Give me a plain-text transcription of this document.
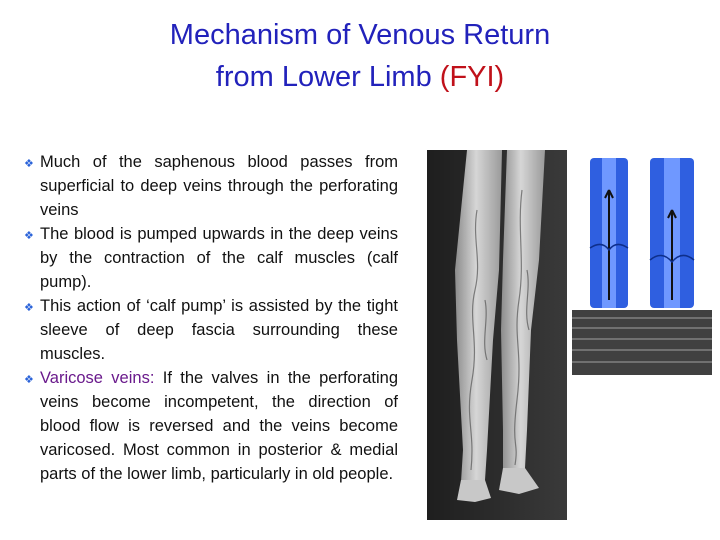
Mechanism of Venous Return
from Lower Limb (FYI)
❖ Much of the saphenous blood passes from superficial to deep veins through the perforating veins
❖ The blood is pumped upwards in the deep veins by the contraction of the calf muscles (calf pump).
❖ This action of ‘calf pump’ is assisted by the tight sleeve of deep fascia surrounding these muscles.
❖ Varicose veins: If the valves in the perforating veins become incompetent, the direction of blood flow is reversed and the veins become varicosed. Most common in posterior & medial parts of the lower limb, particularly in old people.
